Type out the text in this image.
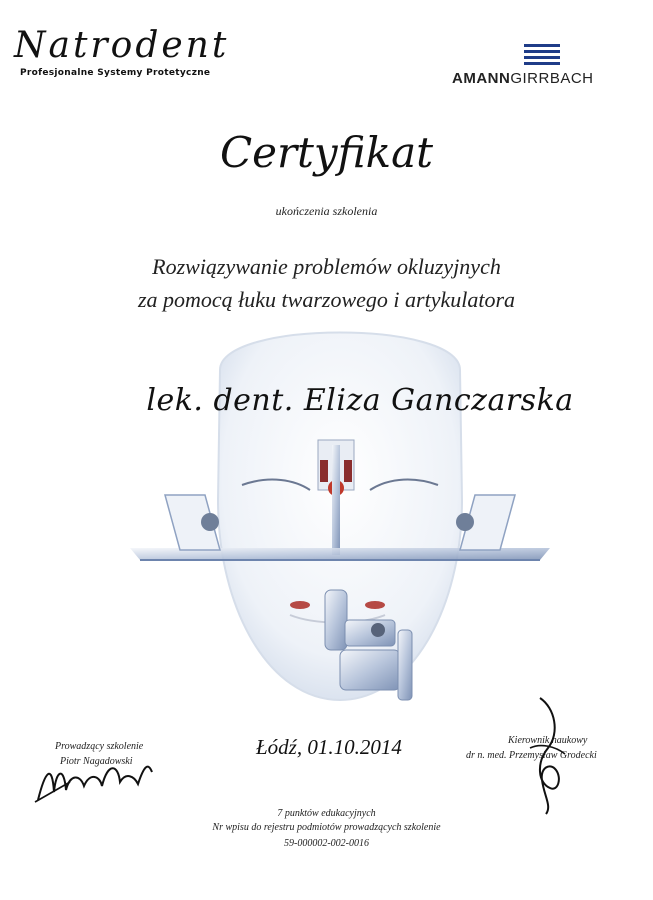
Natrodent
Profesjonalne Systemy Protetyczne	AMANNGIRRBACH
Certyfikat
ukończenia szkolenia
Rozwiązywanie problemów okluzyjnych
za pomocą łuku twarzowego i artykulatora
lek. dent. Eliza Ganczarska
Łódź, 01.10.2014
Prowadzący szkolenie
Piotr Nagadowski
Kierownik naukowy
dr n. med. Przemysław Grodecki
7 punktów edukacyjnych
Nr wpisu do rejestru podmiotów prowadzących szkolenie
59-000002-002-0016
